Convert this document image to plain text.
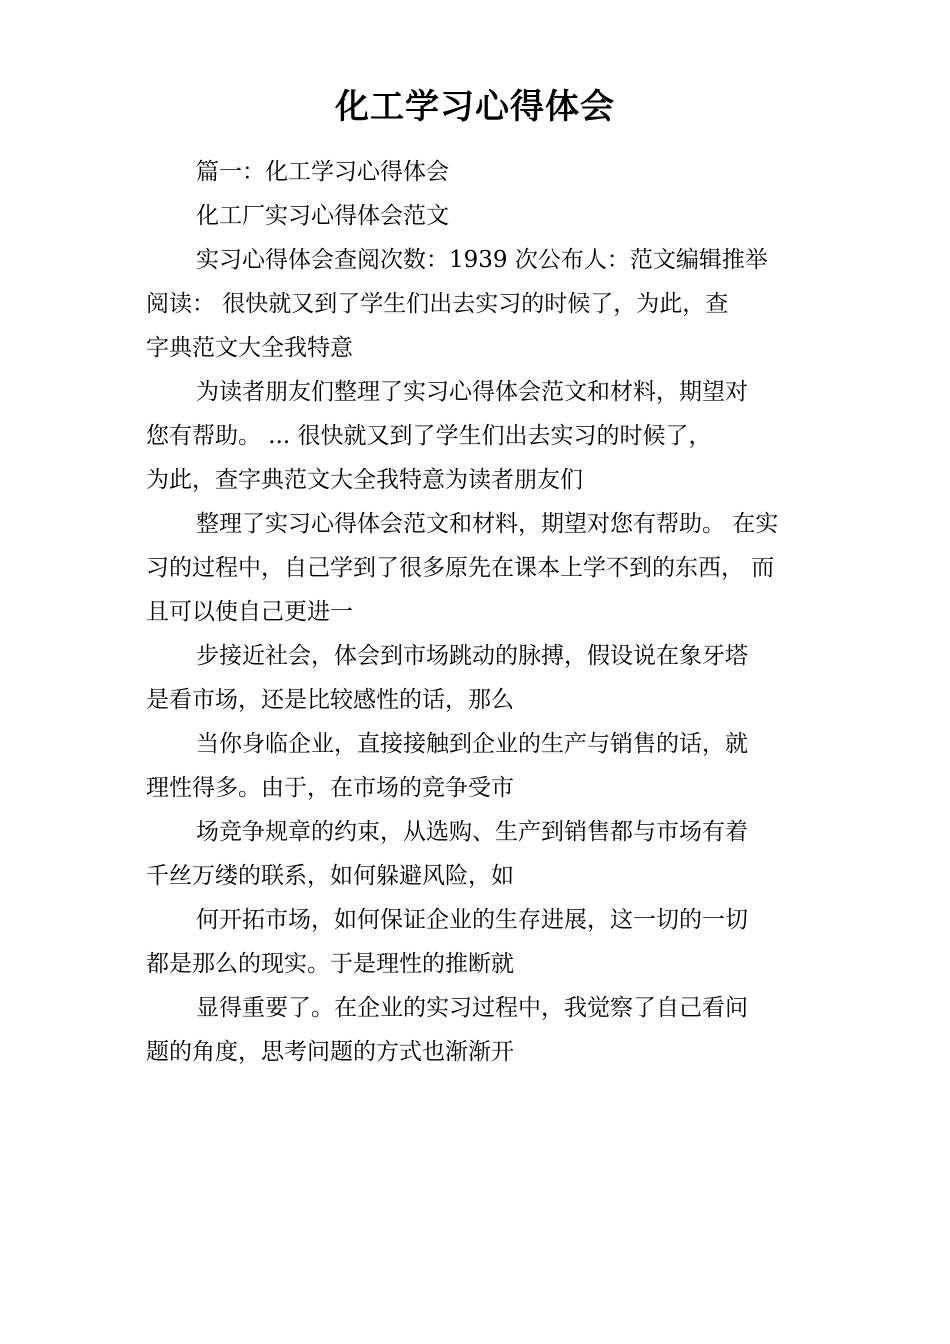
化工学习心得体会

篇一：化工学习心得体会

化工厂实习心得体会范文

实习心得体会查阅次数：1939 次公布人：范文编辑推举
阅读： 很快就又到了学生们出去实习的时候了，为此，查
字典范文大全我特意

为读者朋友们整理了实习心得体会范文和材料，期望对
您有帮助。 ... 很快就又到了学生们出去实习的时候了，
为此，查字典范文大全我特意为读者朋友们

整理了实习心得体会范文和材料，期望对您有帮助。 在实
习的过程中，自己学到了很多原先在课本上学不到的东西， 而
且可以使自己更进一

步接近社会，体会到市场跳动的脉搏，假设说在象牙塔
是看市场，还是比较感性的话，那么

当你身临企业，直接接触到企业的生产与销售的话，就
理性得多。由于，在市场的竞争受市

场竞争规章的约束，从选购、生产到销售都与市场有着
千丝万缕的联系，如何躲避风险，如

何开拓市场，如何保证企业的生存进展，这一切的一切
都是那么的现实。于是理性的推断就

显得重要了。在企业的实习过程中，我觉察了自己看问
题的角度，思考问题的方式也渐渐开
